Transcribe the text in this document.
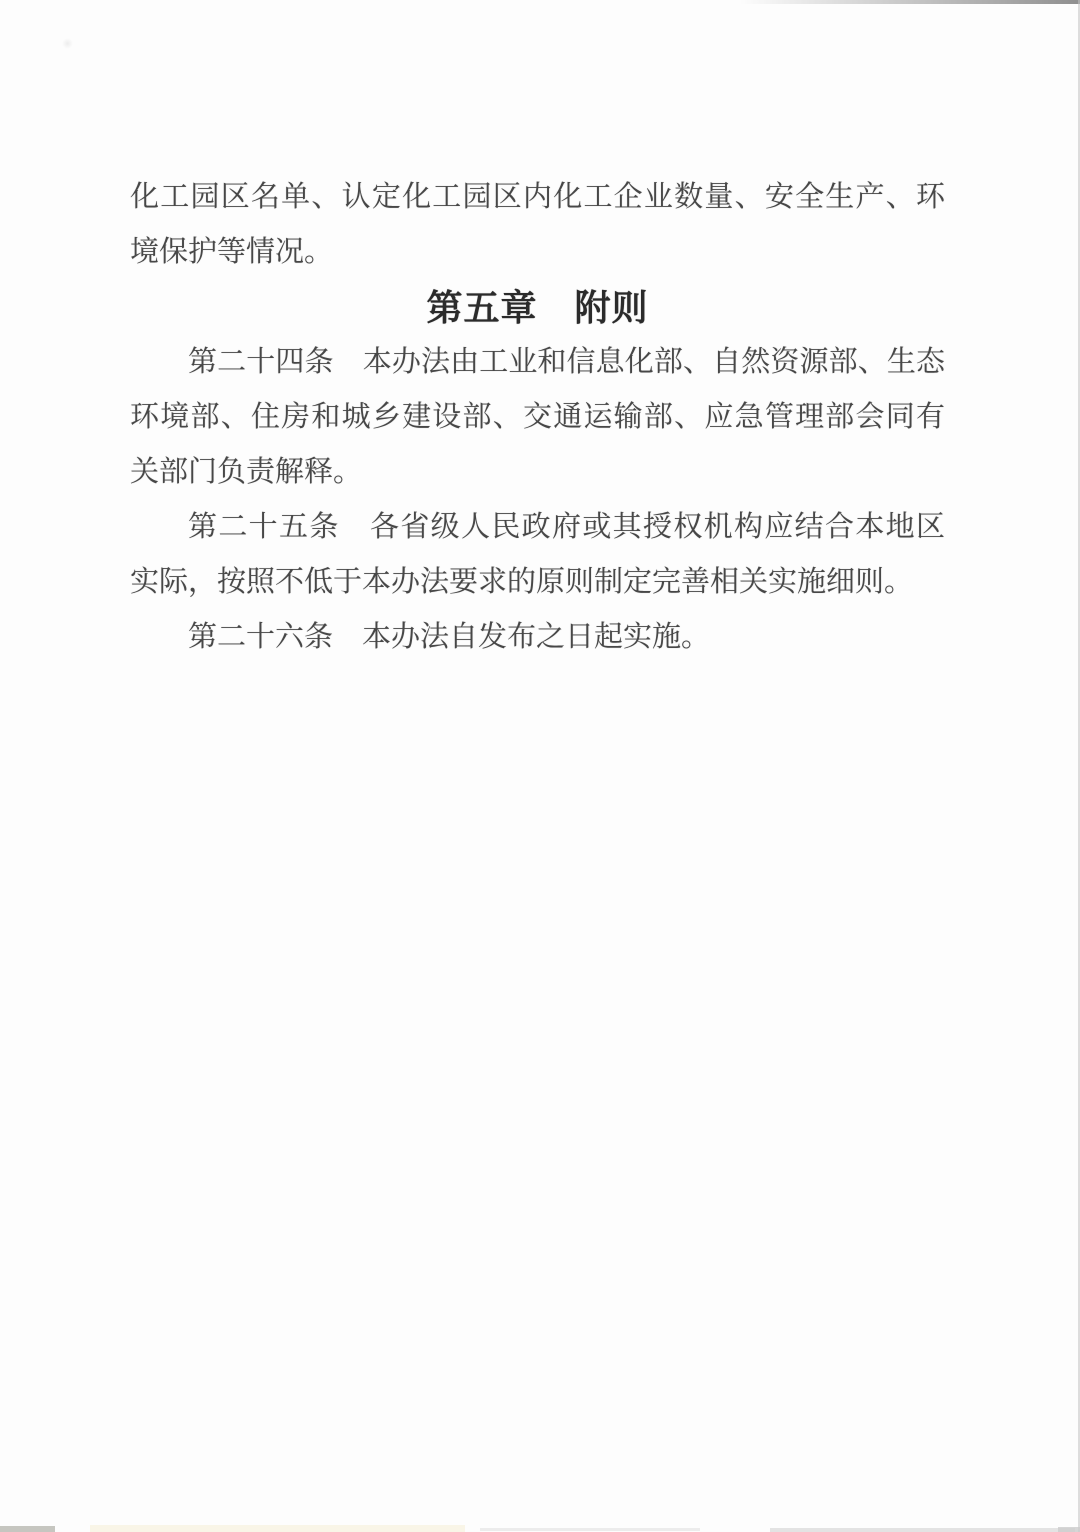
化工园区名单、认定化工园区内化工企业数量、安全生产、环
境保护等情况。
第五章　附则
第二十四条　本办法由工业和信息化部、自然资源部、生态
环境部、住房和城乡建设部、交通运输部、应急管理部会同有
关部门负责解释。
第二十五条　各省级人民政府或其授权机构应结合本地区
实际，按照不低于本办法要求的原则制定完善相关实施细则。
第二十六条　本办法自发布之日起实施。
